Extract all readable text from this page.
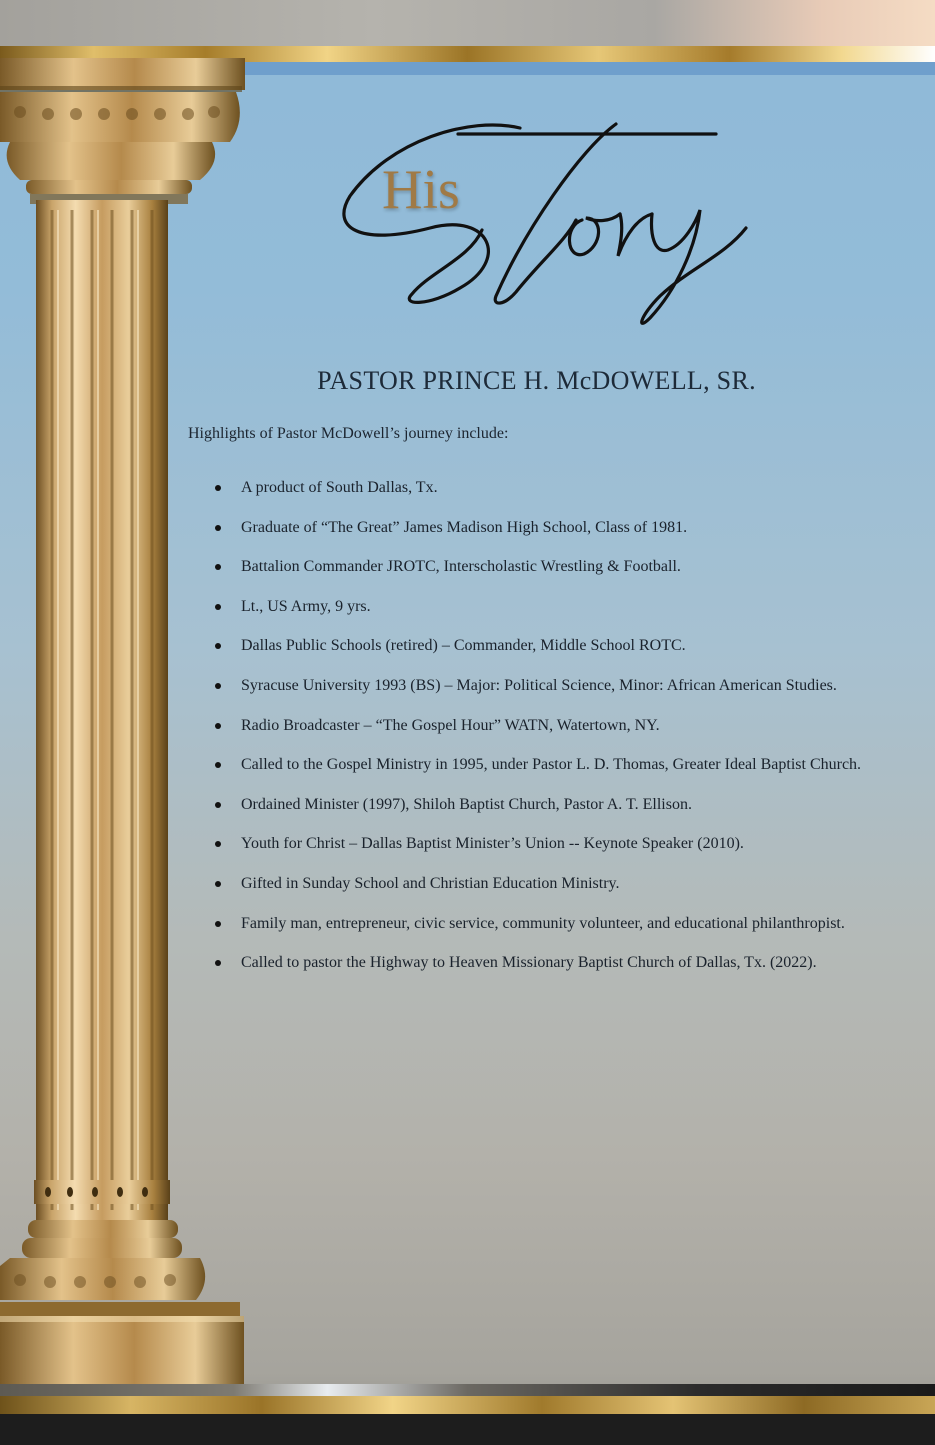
His
PASTOR PRINCE H. McDOWELL, SR.
Highlights of Pastor McDowell’s journey include:
A product of South Dallas, Tx.
Graduate of “The Great” James Madison High School, Class of 1981.
Battalion Commander JROTC, Interscholastic Wrestling & Football.
Lt., US Army, 9 yrs.
Dallas Public Schools (retired) – Commander, Middle School ROTC.
Syracuse University 1993 (BS) – Major: Political Science, Minor: African American Studies.
Radio Broadcaster – “The Gospel Hour” WATN, Watertown, NY.
Called to the Gospel Ministry in 1995, under Pastor L. D. Thomas, Greater Ideal Baptist Church.
Ordained Minister (1997), Shiloh Baptist Church, Pastor A. T. Ellison.
Youth for Christ – Dallas Baptist Minister’s Union -- Keynote Speaker (2010).
Gifted in Sunday School and Christian Education Ministry.
Family man, entrepreneur, civic service, community volunteer, and educational philanthropist.
Called to pastor the Highway to Heaven Missionary Baptist Church of Dallas, Tx. (2022).
